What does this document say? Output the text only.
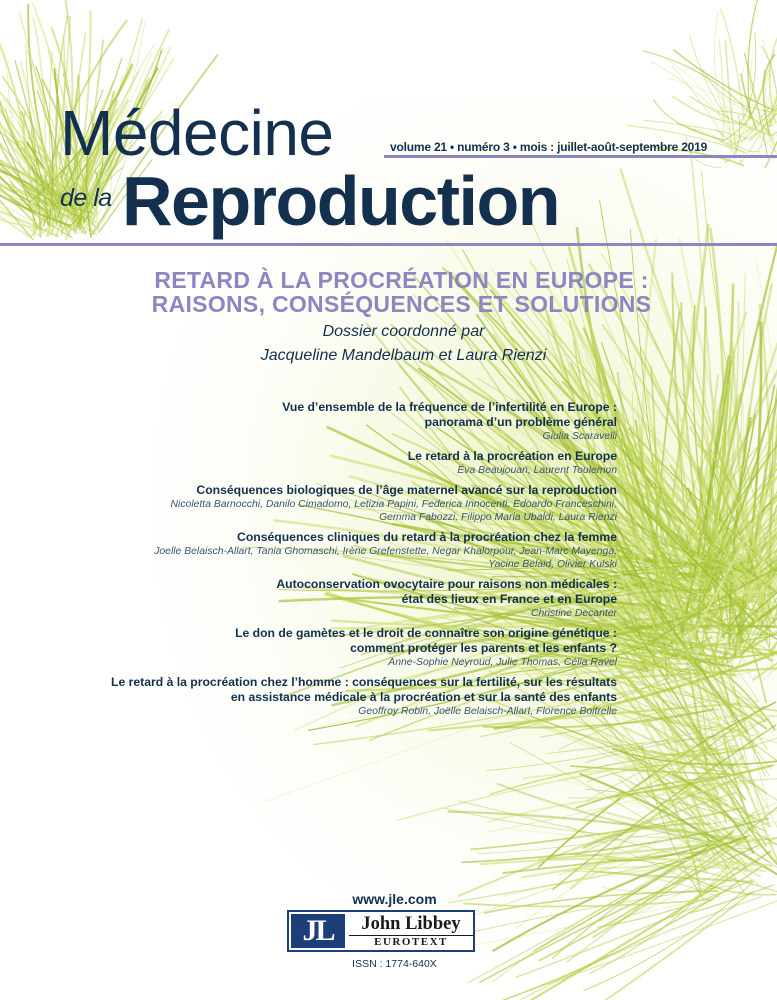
Médecine	volume 21 • numéro 3 • mois : juillet-août-septembre 2019
de la Reproduction
RETARD À LA PROCRÉATION EN EUROPE :
RAISONS, CONSÉQUENCES ET SOLUTIONS
Dossier coordonné par
Jacqueline Mandelbaum et Laura Rienzi
Vue d’ensemble de la fréquence de l’infertilité en Europe :
panorama d’un problème général
Giulia Scaravelli
Le retard à la procréation en Europe
Éva Beaujouan, Laurent Toulemon
Conséquences biologiques de l’âge maternel avancé sur la reproduction
Nicoletta Barnocchi, Danilo Cimadomo, Letizia Papini, Federica Innocenti, Edoardo Franceschini,
Gemma Fabozzi, Filippo Maria Ubaldi, Laura Rienzi
Conséquences cliniques du retard à la procréation chez la femme
Joelle Belaisch-Allart, Tania Ghomaschi, Irène Grefenstette, Negar Khalorpour, Jean-Marc Mayenga,
Yacine Belaid, Olivier Kulski
Autoconservation ovocytaire pour raisons non médicales :
état des lieux en France et en Europe
Christine Decanter
Le don de gamètes et le droit de connaître son origine génétique :
comment protéger les parents et les enfants ?
Anne-Sophie Neyroud, Julie Thomas, Célia Ravel
Le retard à la procréation chez l’homme : conséquences sur la fertilité, sur les résultats
en assistance médicale à la procréation et sur la santé des enfants
Geoffroy Robin, Joëlle Belaisch-Allart, Florence Boitrelle
www.jle.com
JL	John Libbey
EUROTEXT
ISSN : 1774-640X
